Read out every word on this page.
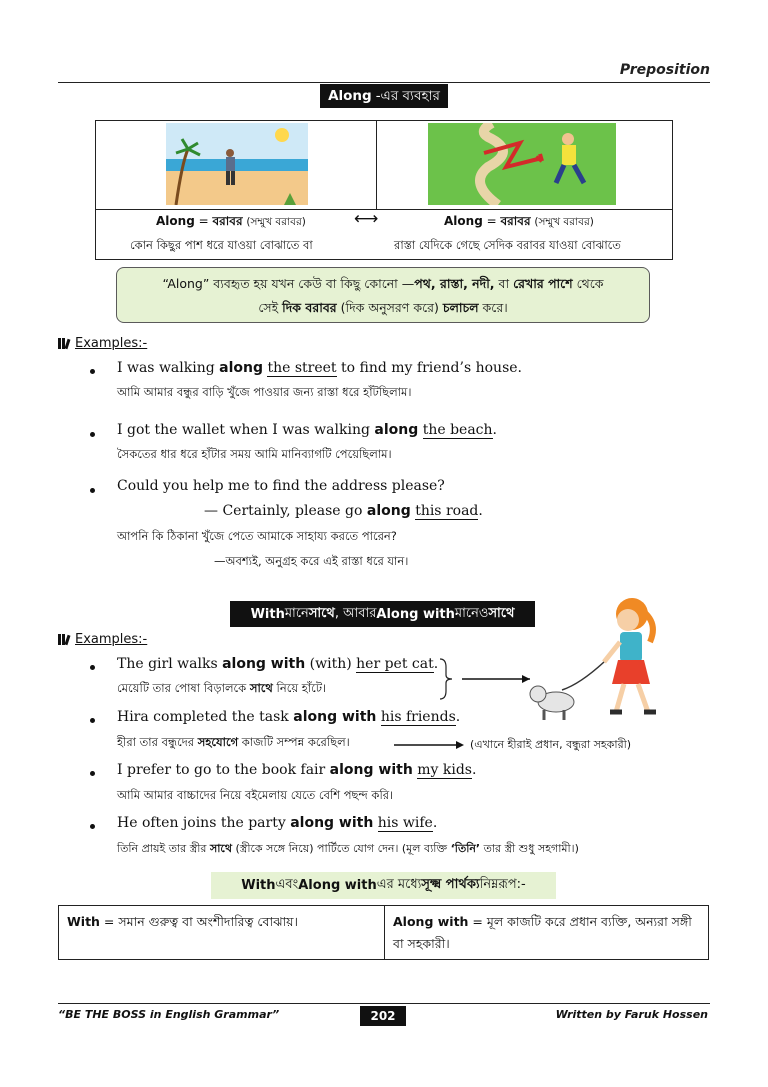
Preposition
Along -এর ব্যবহার
Along = বরাবর (সম্মুখ বরাবর)	⟷	Along = বরাবর (সম্মুখ বরাবর)
কোন কিছুর পাশ ধরে যাওয়া বোঝাতে বা	রাস্তা যেদিকে গেছে সেদিক বরাবর যাওয়া বোঝাতে
“Along” ব্যবহৃত হয় যখন কেউ বা কিছু কোনো —পথ, রাস্তা, নদী, বা রেখার পাশে থেকে
সেই দিক বরাবর (দিক অনুসরণ করে) চলাচল করে।
Examples:-
I was walking along the street to find my friend’s house.
আমি আমার বন্ধুর বাড়ি খুঁজে পাওয়ার জন্য রাস্তা ধরে হাঁটছিলাম।
I got the wallet when I was walking along the beach.
সৈকতের ধার ধরে হাঁটার সময় আমি মানিব্যাগটি পেয়েছিলাম।
Could you help me to find the address please?
— Certainly, please go along this road.
আপনি কি ঠিকানা খুঁজে পেতে আমাকে সাহায্য করতে পারেন?
—অবশ্যই, অনুগ্রহ করে এই রাস্তা ধরে যান।
With মানে সাথে , আবার Along with মানেও সাথে
Examples:-
The girl walks along with (with) her pet cat.
মেয়েটি তার পোষা বিড়ালকে সাথে নিয়ে হাঁটে।
Hira completed the task along with his friends.
হীরা তার বন্ধুদের সহযোগে কাজটি সম্পন্ন করেছিল।	(এখানে হীরাই প্রধান, বন্ধুরা সহকারী)
I prefer to go to the book fair along with my kids.
আমি আমার বাচ্চাদের নিয়ে বইমেলায় যেতে বেশি পছন্দ করি।
He often joins the party along with his wife.
তিনি প্রায়ই তার স্ত্রীর সাথে (স্ত্রীকে সঙ্গে নিয়ে) পার্টিতে যোগ দেন। (মূল ব্যক্তি ‘তিনি’ তার স্ত্রী শুধু সহগামী।)
With এবং Along with এর মধ্যে সূক্ষ্ম পার্থক্য নিম্নরূপ:-
With = সমান গুরুত্ব বা অংশীদারিত্ব বোঝায়।	Along with = মূল কাজটি করে প্রধান ব্যক্তি, অন্যরা সঙ্গী বা সহকারী।
“BE THE BOSS in English Grammar”	202	Written by Faruk Hossen
